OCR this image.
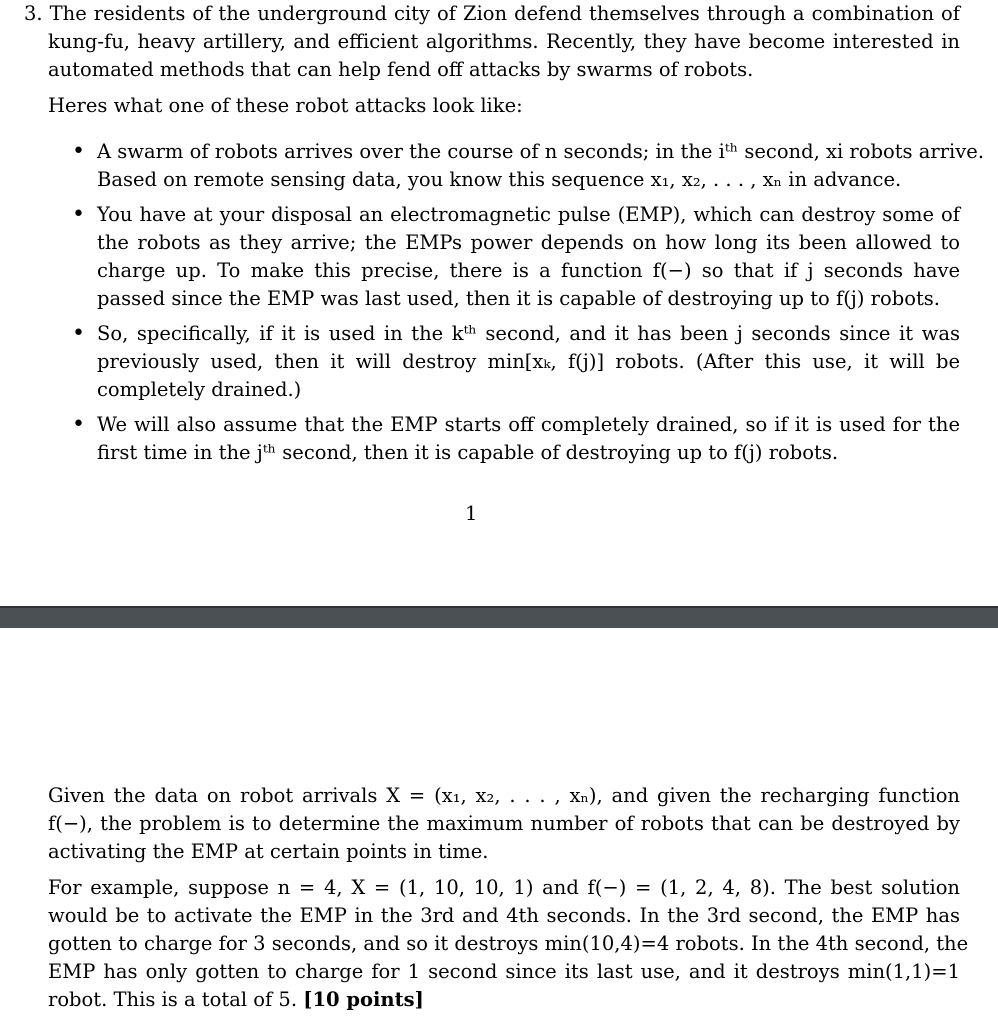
3. The residents of the underground city of Zion defend themselves through a combination of
kung-fu, heavy artillery, and efficient algorithms. Recently, they have become interested in
automated methods that can help fend off attacks by swarms of robots.
Heres what one of these robot attacks look like:
• A swarm of robots arrives over the course of n seconds; in the iᵗʰ second, xi robots arrive.
Based on remote sensing data, you know this sequence x₁, x₂, . . . , xₙ in advance.
• You have at your disposal an electromagnetic pulse (EMP), which can destroy some of
the robots as they arrive; the EMPs power depends on how long its been allowed to
charge up. To make this precise, there is a function f(−) so that if j seconds have
passed since the EMP was last used, then it is capable of destroying up to f(j) robots.
• So, specifically, if it is used in the kᵗʰ second, and it has been j seconds since it was
previously used, then it will destroy min[xₖ, f(j)] robots. (After this use, it will be
completely drained.)
• We will also assume that the EMP starts off completely drained, so if it is used for the
first time in the jᵗʰ second, then it is capable of destroying up to f(j) robots.
1
Given the data on robot arrivals X = (x₁, x₂, . . . , xₙ), and given the recharging function
f(−), the problem is to determine the maximum number of robots that can be destroyed by
activating the EMP at certain points in time.
For example, suppose n = 4, X = (1, 10, 10, 1) and f(−) = (1, 2, 4, 8). The best solution
would be to activate the EMP in the 3rd and 4th seconds. In the 3rd second, the EMP has
gotten to charge for 3 seconds, and so it destroys min(10,4)=4 robots. In the 4th second, the
EMP has only gotten to charge for 1 second since its last use, and it destroys min(1,1)=1
robot. This is a total of 5. [10 points]
